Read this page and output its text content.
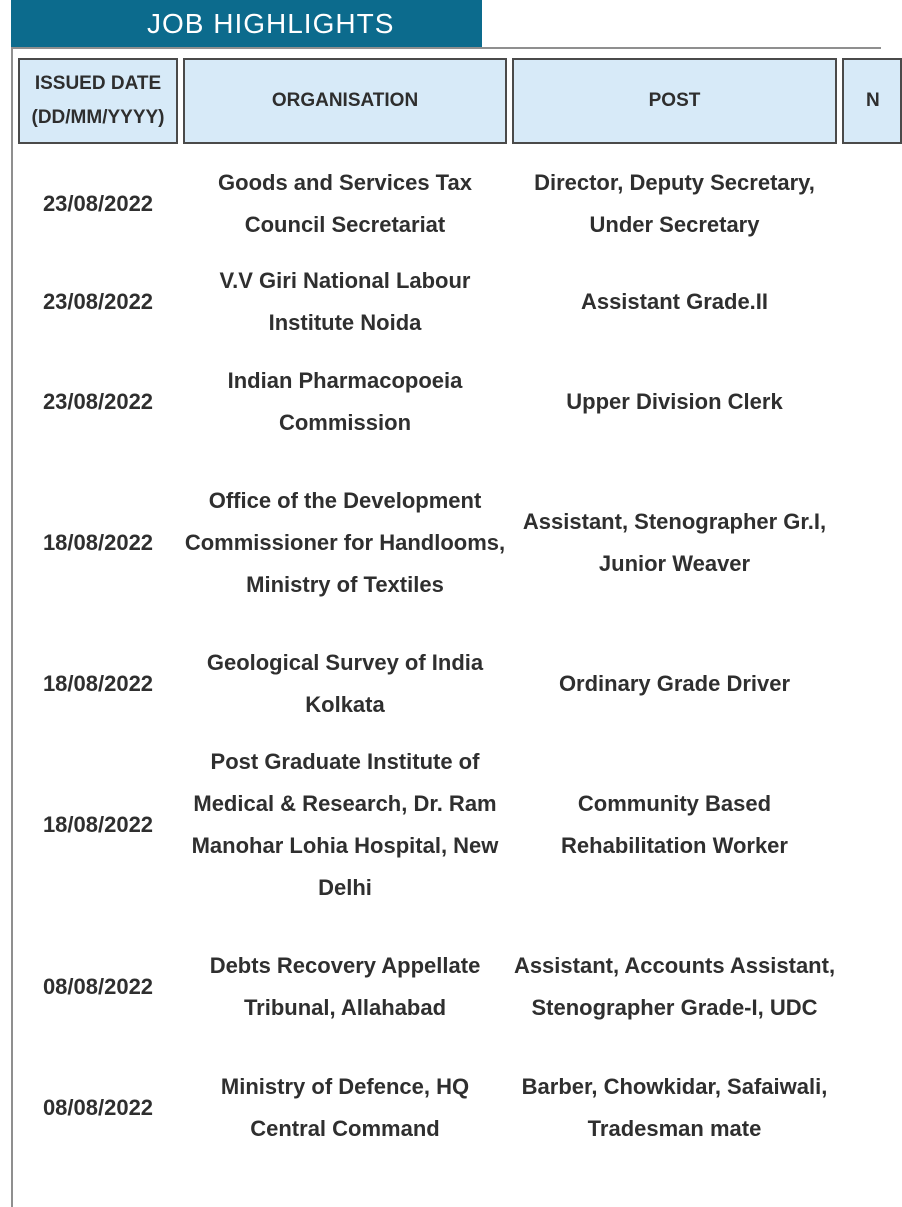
JOB HIGHLIGHTS
ISSUED DATE (DD/MM/YYYY)
ORGANISATION	POST	N
23/08/2022
Goods and Services Tax Council Secretariat
Director, Deputy Secretary, Under Secretary
23/08/2022
V.V Giri National Labour Institute Noida
Assistant Grade.II
23/08/2022
Indian Pharmacopoeia Commission
Upper Division Clerk
18/08/2022
Office of the Development Commissioner for Handlooms, Ministry of Textiles
Assistant, Stenographer Gr.I, Junior Weaver
18/08/2022
Geological Survey of India Kolkata
Ordinary Grade Driver
18/08/2022
Post Graduate Institute of Medical & Research, Dr. Ram Manohar Lohia Hospital, New Delhi
Community Based Rehabilitation Worker
08/08/2022
Debts Recovery Appellate Tribunal, Allahabad
Assistant, Accounts Assistant, Stenographer Grade-I, UDC
08/08/2022
Ministry of Defence, HQ Central Command
Barber, Chowkidar, Safaiwali, Tradesman mate
